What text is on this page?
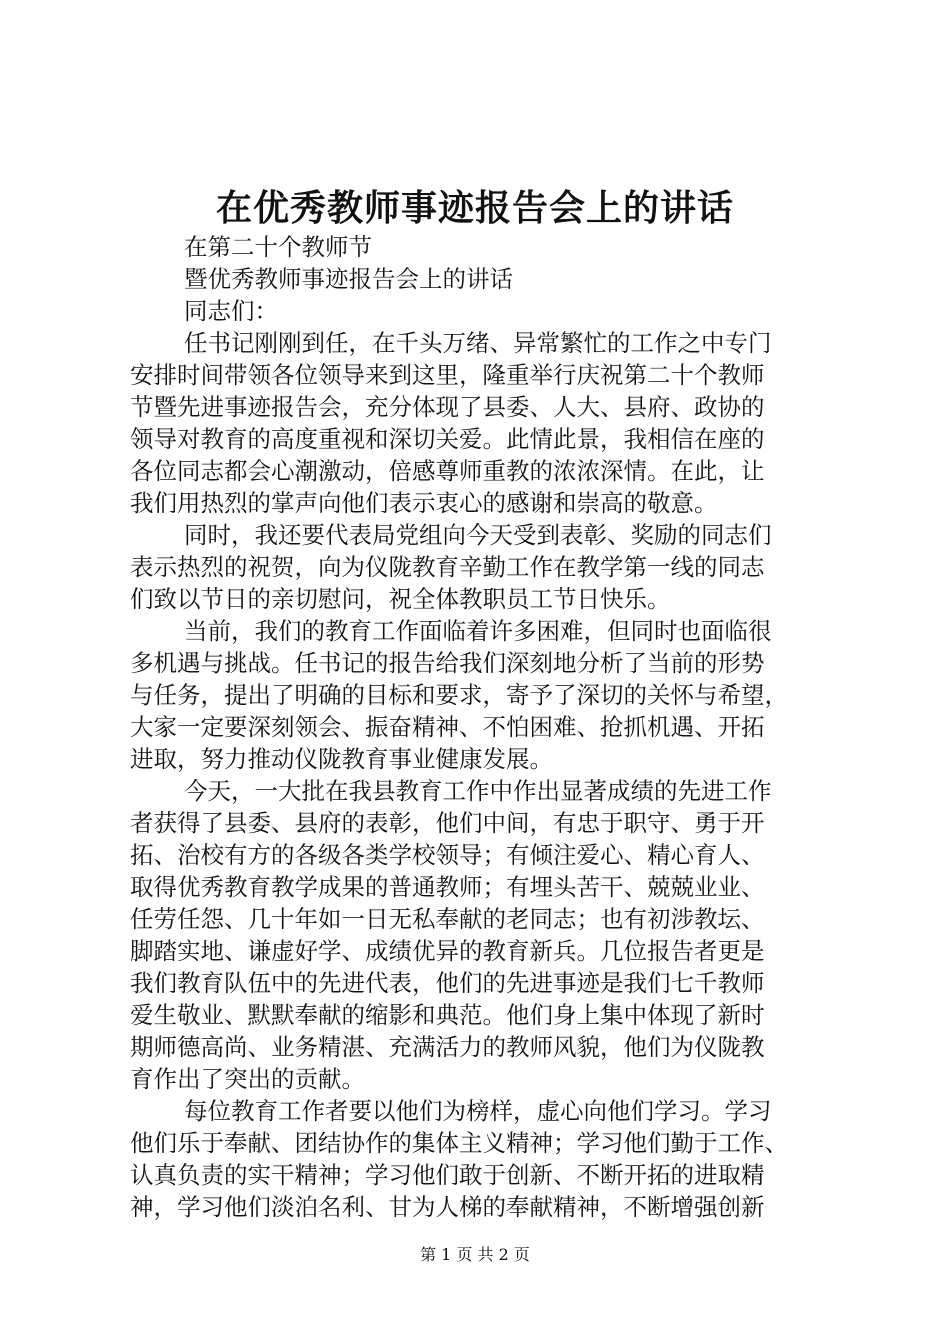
在优秀教师事迹报告会上的讲话
在第二十个教师节
暨优秀教师事迹报告会上的讲话
同志们：
任书记刚刚到任，在千头万绪、异常繁忙的工作之中专门
安排时间带领各位领导来到这里，隆重举行庆祝第二十个教师
节暨先进事迹报告会，充分体现了县委、人大、县府、政协的
领导对教育的高度重视和深切关爱。此情此景，我相信在座的
各位同志都会心潮激动，倍感尊师重教的浓浓深情。在此，让
我们用热烈的掌声向他们表示衷心的感谢和崇高的敬意。
同时，我还要代表局党组向今天受到表彰、奖励的同志们
表示热烈的祝贺，向为仪陇教育辛勤工作在教学第一线的同志
们致以节日的亲切慰问，祝全体教职员工节日快乐。
当前，我们的教育工作面临着许多困难，但同时也面临很
多机遇与挑战。任书记的报告给我们深刻地分析了当前的形势
与任务，提出了明确的目标和要求，寄予了深切的关怀与希望，
大家一定要深刻领会、振奋精神、不怕困难、抢抓机遇、开拓
进取，努力推动仪陇教育事业健康发展。
今天，一大批在我县教育工作中作出显著成绩的先进工作
者获得了县委、县府的表彰，他们中间，有忠于职守、勇于开
拓、治校有方的各级各类学校领导；有倾注爱心、精心育人、
取得优秀教育教学成果的普通教师；有埋头苦干、兢兢业业、
任劳任怨、几十年如一日无私奉献的老同志；也有初涉教坛、
脚踏实地、谦虚好学、成绩优异的教育新兵。几位报告者更是
我们教育队伍中的先进代表，他们的先进事迹是我们七千教师
爱生敬业、默默奉献的缩影和典范。他们身上集中体现了新时
期师德高尚、业务精湛、充满活力的教师风貌，他们为仪陇教
育作出了突出的贡献。
每位教育工作者要以他们为榜样，虚心向他们学习。学习
他们乐于奉献、团结协作的集体主义精神；学习他们勤于工作、
认真负责的实干精神；学习他们敢于创新、不断开拓的进取精
神，学习他们淡泊名利、甘为人梯的奉献精神，不断增强创新
第 1 页 共 2 页
